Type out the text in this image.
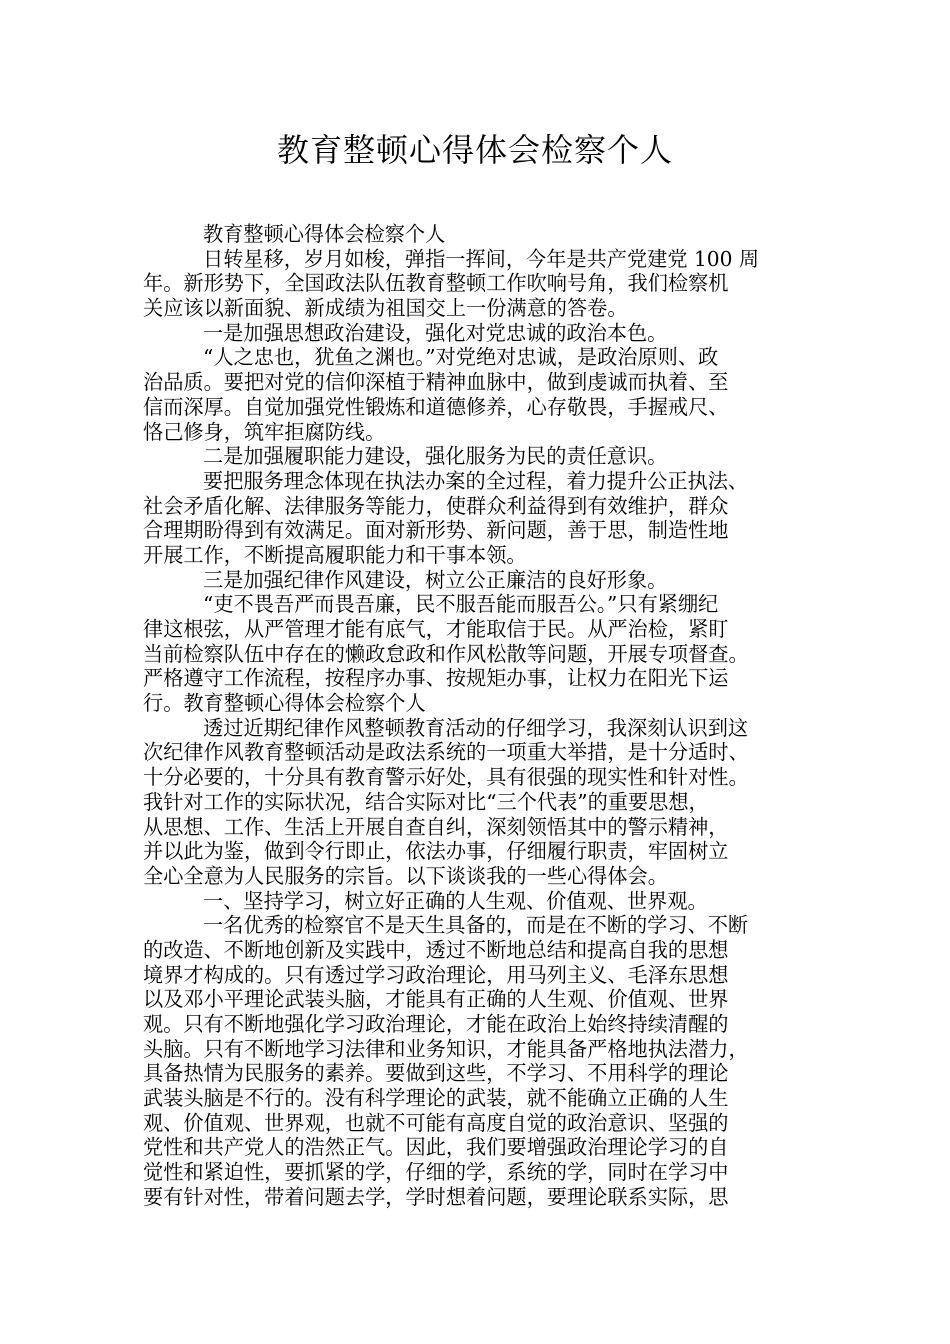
教育整顿心得体会检察个人
教育整顿心得体会检察个人
日转星移，岁月如梭，弹指一挥间，今年是共产党建党 100 周
年。新形势下，全国政法队伍教育整顿工作吹响号角，我们检察机
关应该以新面貌、新成绩为祖国交上一份满意的答卷。
一是加强思想政治建设，强化对党忠诚的政治本色。
“人之忠也，犹鱼之渊也。”对党绝对忠诚，是政治原则、政
治品质。要把对党的信仰深植于精神血脉中，做到虔诚而执着、至
信而深厚。自觉加强党性锻炼和道德修养，心存敬畏，手握戒尺、
恪己修身，筑牢拒腐防线。
二是加强履职能力建设，强化服务为民的责任意识。
要把服务理念体现在执法办案的全过程，着力提升公正执法、
社会矛盾化解、法律服务等能力，使群众利益得到有效维护，群众
合理期盼得到有效满足。面对新形势、新问题，善于思，制造性地
开展工作，不断提高履职能力和干事本领。
三是加强纪律作风建设，树立公正廉洁的良好形象。
“吏不畏吾严而畏吾廉，民不服吾能而服吾公。”只有紧绷纪
律这根弦，从严管理才能有底气，才能取信于民。从严治检，紧盯
当前检察队伍中存在的懒政怠政和作风松散等问题，开展专项督查。
严格遵守工作流程，按程序办事、按规矩办事，让权力在阳光下运
行。教育整顿心得体会检察个人
透过近期纪律作风整顿教育活动的仔细学习，我深刻认识到这
次纪律作风教育整顿活动是政法系统的一项重大举措，是十分适时、
十分必要的，十分具有教育警示好处，具有很强的现实性和针对性。
我针对工作的实际状况，结合实际对比“三个代表”的重要思想，
从思想、工作、生活上开展自查自纠，深刻领悟其中的警示精神，
并以此为鉴，做到令行即止，依法办事，仔细履行职责，牢固树立
全心全意为人民服务的宗旨。以下谈谈我的一些心得体会。
一、坚持学习，树立好正确的人生观、价值观、世界观。
一名优秀的检察官不是天生具备的，而是在不断的学习、不断
的改造、不断地创新及实践中，透过不断地总结和提高自我的思想
境界才构成的。只有透过学习政治理论，用马列主义、毛泽东思想
以及邓小平理论武装头脑，才能具有正确的人生观、价值观、世界
观。只有不断地强化学习政治理论，才能在政治上始终持续清醒的
头脑。只有不断地学习法律和业务知识，才能具备严格地执法潜力，
具备热情为民服务的素养。要做到这些，不学习、不用科学的理论
武装头脑是不行的。没有科学理论的武装，就不能确立正确的人生
观、价值观、世界观，也就不可能有高度自觉的政治意识、坚强的
党性和共产党人的浩然正气。因此，我们要增强政治理论学习的自
觉性和紧迫性，要抓紧的学，仔细的学，系统的学，同时在学习中
要有针对性，带着问题去学，学时想着问题，要理论联系实际，思
